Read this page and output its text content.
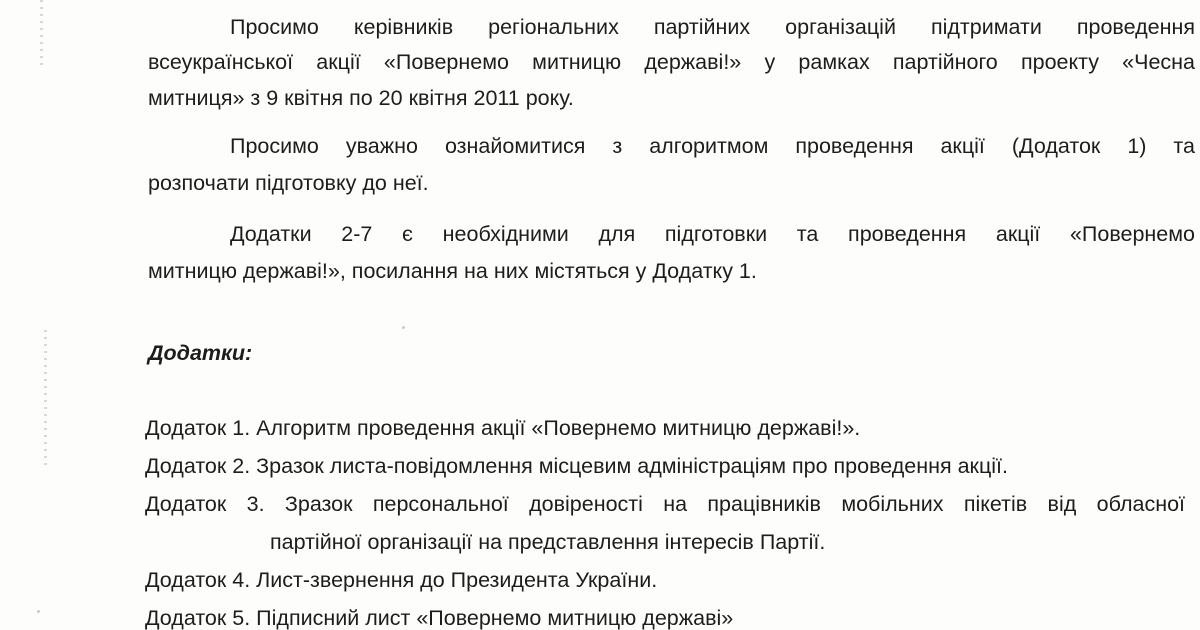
Просимо керівників регіональних партійних організацій підтримати проведення

всеукраїнської акції «Повернемо митницю державі!» у рамках партійного проекту «Чесна

митниця» з 9 квітня по 20 квітня 2011 року.

Просимо уважно ознайомитися з алгоритмом проведення акції (Додаток 1) та

розпочати підготовку до неї.

Додатки 2-7 є необхідними для підготовки та проведення акції «Повернемо

митницю державі!», посилання на них містяться у Додатку 1.

Додатки:

Додаток 1. Алгоритм проведення акції «Повернемо митницю державі!».

Додаток 2. Зразок листа-повідомлення місцевим адміністраціям про проведення акції.

Додаток 3. Зразок персональної довіреності на працівників мобільних пікетів від обласної

партійної організації на представлення інтересів Партії.

Додаток 4. Лист-звернення до Президента України.

Додаток 5. Підписний лист «Повернемо митницю державі»
